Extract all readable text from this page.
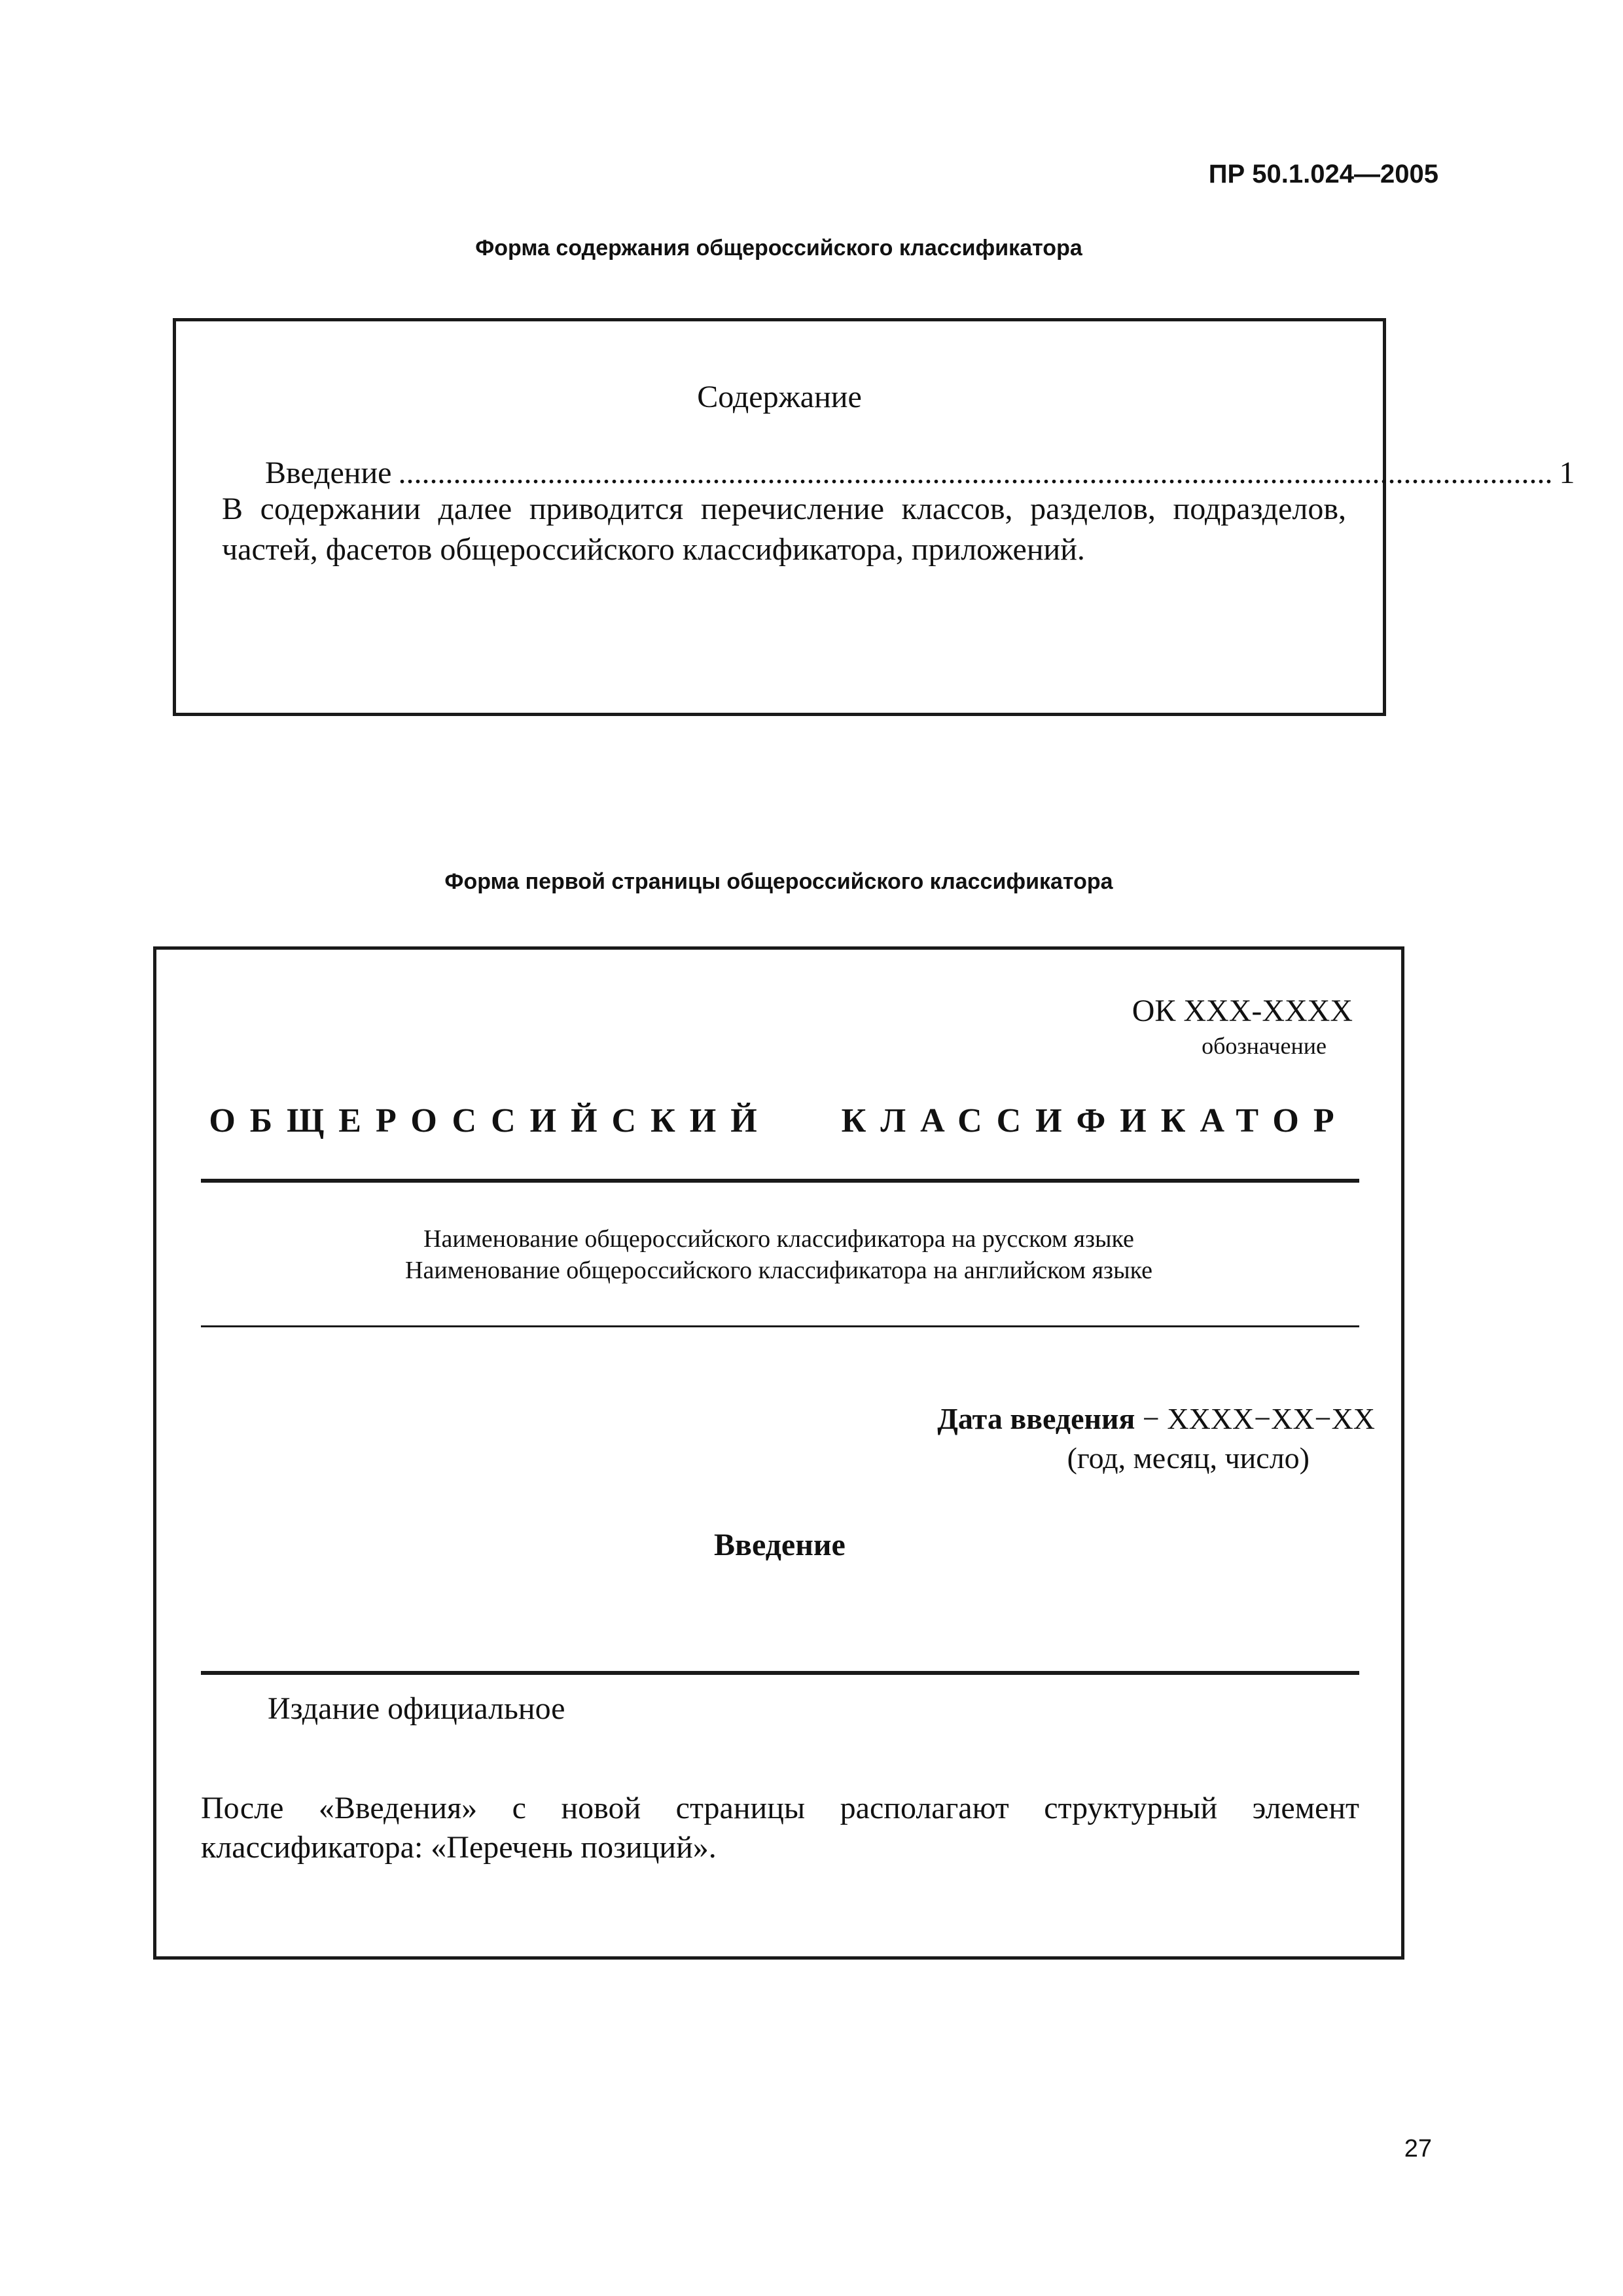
ПР 50.1.024—2005
Форма содержания общероссийского классификатора
Содержание
Введение ................................................................................................................................................... 1
В содержании далее приводится перечисление классов, разделов, подразделов, частей, фасетов общероссийского классификатора, приложений.
Форма первой страницы общероссийского классификатора
ОК XXX-XXXX
обозначение
ОБЩЕРОССИЙСКИЙ КЛАССИФИКАТОР
Наименование общероссийского классификатора на русском языке
Наименование общероссийского классификатора на английском языке
Дата введения − XXXX−XX−XX
(год, месяц, число)
Введение
Издание официальное
После «Введения» с новой страницы располагают структурный элемент классификатора: «Перечень позиций».
27
